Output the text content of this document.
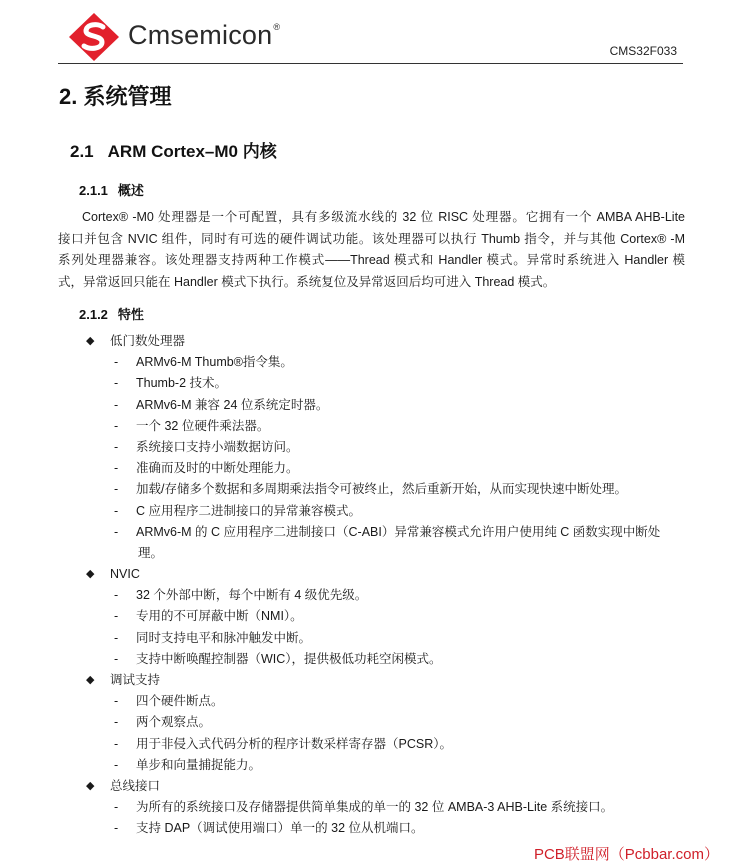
Cmsemicon®
CMS32F033
2. 系统管理
2.1 ARM Cortex–M0 内核
2.1.1 概述
Cortex® -M0 处理器是一个可配置，具有多级流水线的 32 位 RISC 处理器。它拥有一个 AMBA AHB-Lite
接口并包含 NVIC 组件，同时有可选的硬件调试功能。该处理器可以执行 Thumb 指令，并与其他 Cortex® -M
系列处理器兼容。该处理器支持两种工作模式——Thread 模式和 Handler 模式。异常时系统进入 Handler 模
式，异常返回只能在 Handler 模式下执行。系统复位及异常返回后均可进入 Thread 模式。
2.1.2 特性
◆ 低门数处理器
- ARMv6-M Thumb®指令集。
- Thumb-2 技术。
- ARMv6-M 兼容 24 位系统定时器。
- 一个 32 位硬件乘法器。
- 系统接口支持小端数据访问。
- 准确而及时的中断处理能力。
- 加载/存储多个数据和多周期乘法指令可被终止，然后重新开始，从而实现快速中断处理。
- C 应用程序二进制接口的异常兼容模式。
- ARMv6-M 的 C 应用程序二进制接口（C-ABI）异常兼容模式允许用户使用纯 C 函数实现中断处
理。
◆ NVIC
- 32 个外部中断，每个中断有 4 级优先级。
- 专用的不可屏蔽中断（NMI）。
- 同时支持电平和脉冲触发中断。
- 支持中断唤醒控制器（WIC），提供极低功耗空闲模式。
◆ 调试支持
- 四个硬件断点。
- 两个观察点。
- 用于非侵入式代码分析的程序计数采样寄存器（PCSR）。
- 单步和向量捕捉能力。
◆ 总线接口
- 为所有的系统接口及存储器提供简单集成的单一的 32 位 AMBA-3 AHB-Lite 系统接口。
- 支持 DAP（调试使用端口）单一的 32 位从机端口。
PCB联盟网（Pcbbar.com）
